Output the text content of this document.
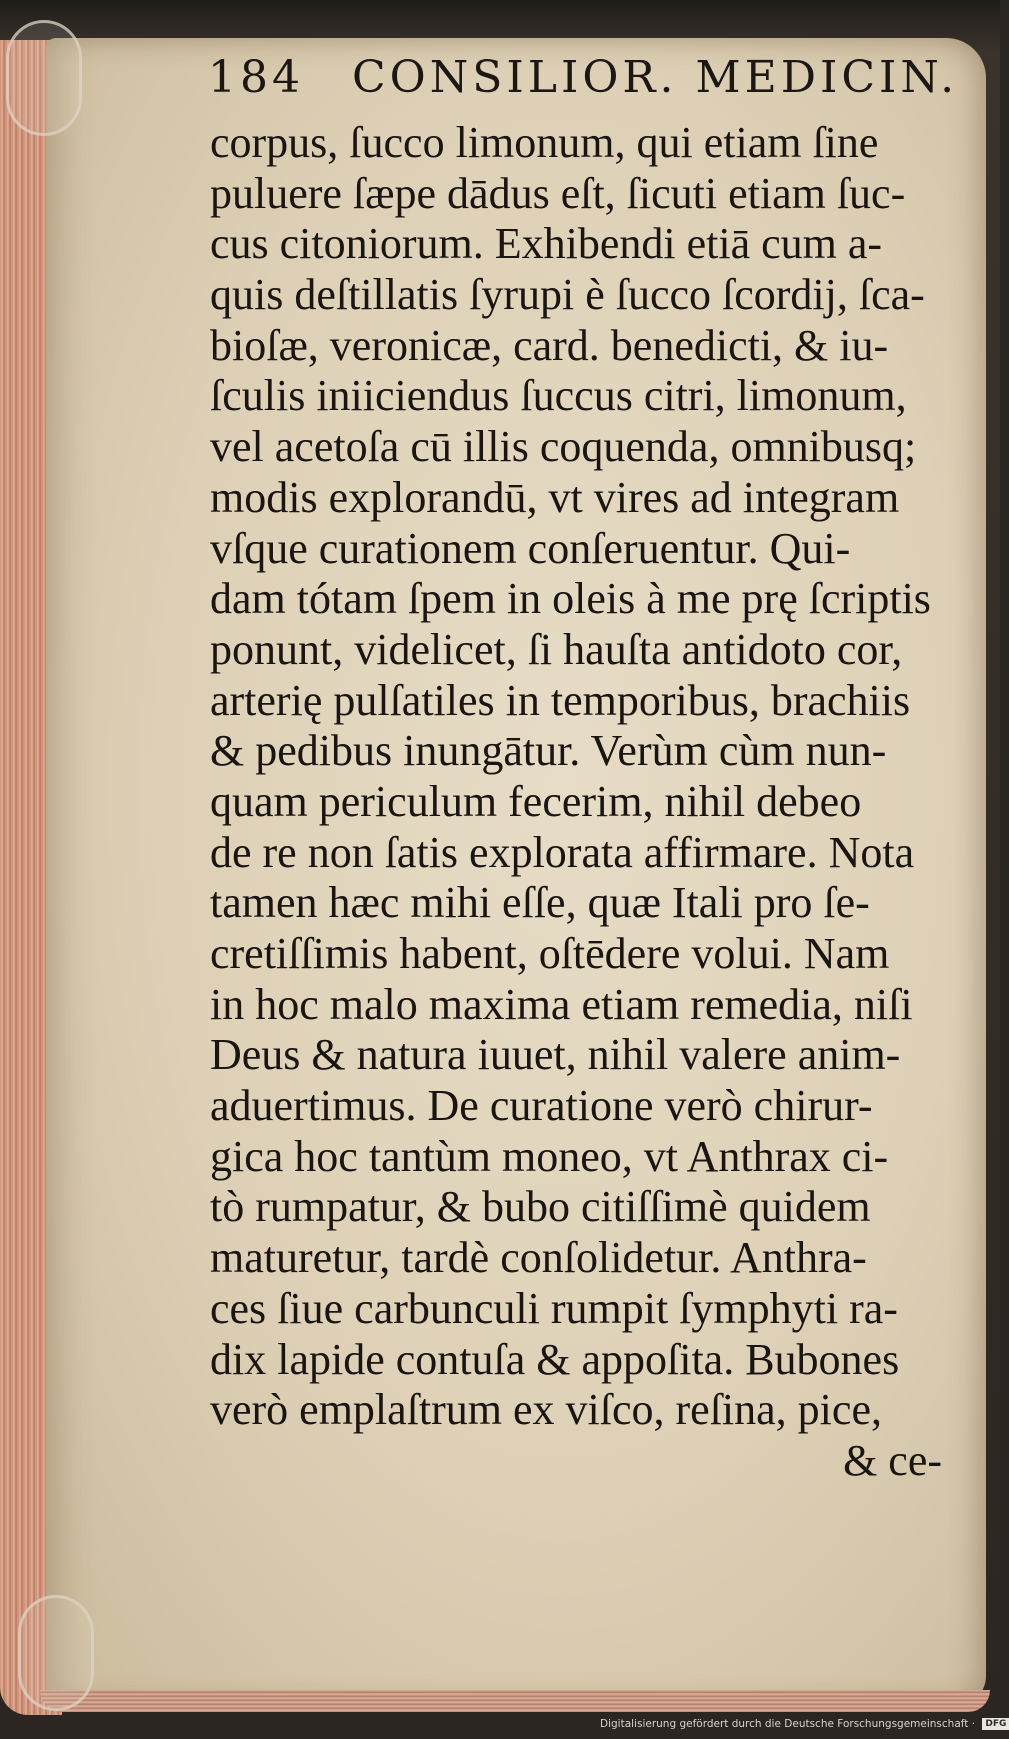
184 CONSILIOR. MEDICIN.
corpus, ſucco limonum, qui etiam ſine
puluere ſæpe dādus eſt, ſicuti etiam ſuc-
cus citoniorum. Exhibendi etiā cum a-
quis deſtillatis ſyrupi è ſucco ſcordij, ſca-
bioſæ, veronicæ, card. benedicti, & iu-
ſculis iniiciendus ſuccus citri, limonum,
vel acetoſa cū illis coquenda, omnibusq;
modis explorandū, vt vires ad integram
vſque curationem conſeruentur. Qui-
dam tótam ſpem in oleis à me prę ſcriptis
ponunt, videlicet, ſi hauſta antidoto cor,
arterię pulſatiles in temporibus, brachiis
& pedibus inungātur. Verùm cùm nun-
quam periculum fecerim, nihil debeo
de re non ſatis explorata affirmare. Nota
tamen hæc mihi eſſe, quæ Itali pro ſe-
cretiſſimis habent, oſtēdere volui. Nam
in hoc malo maxima etiam remedia, niſi
Deus & natura iuuet, nihil valere anim-
aduertimus. De curatione verò chirur-
gica hoc tantùm moneo, vt Anthrax ci-
tò rumpatur, & bubo citiſſimè quidem
maturetur, tardè conſolidetur. Anthra-
ces ſiue carbunculi rumpit ſymphyti ra-
dix lapide contuſa & appoſita. Bubones
verò emplaſtrum ex viſco, reſina, pice,
& ce-
Digitalisierung gefördert durch die Deutsche Forschungsgemeinschaft · DFG
